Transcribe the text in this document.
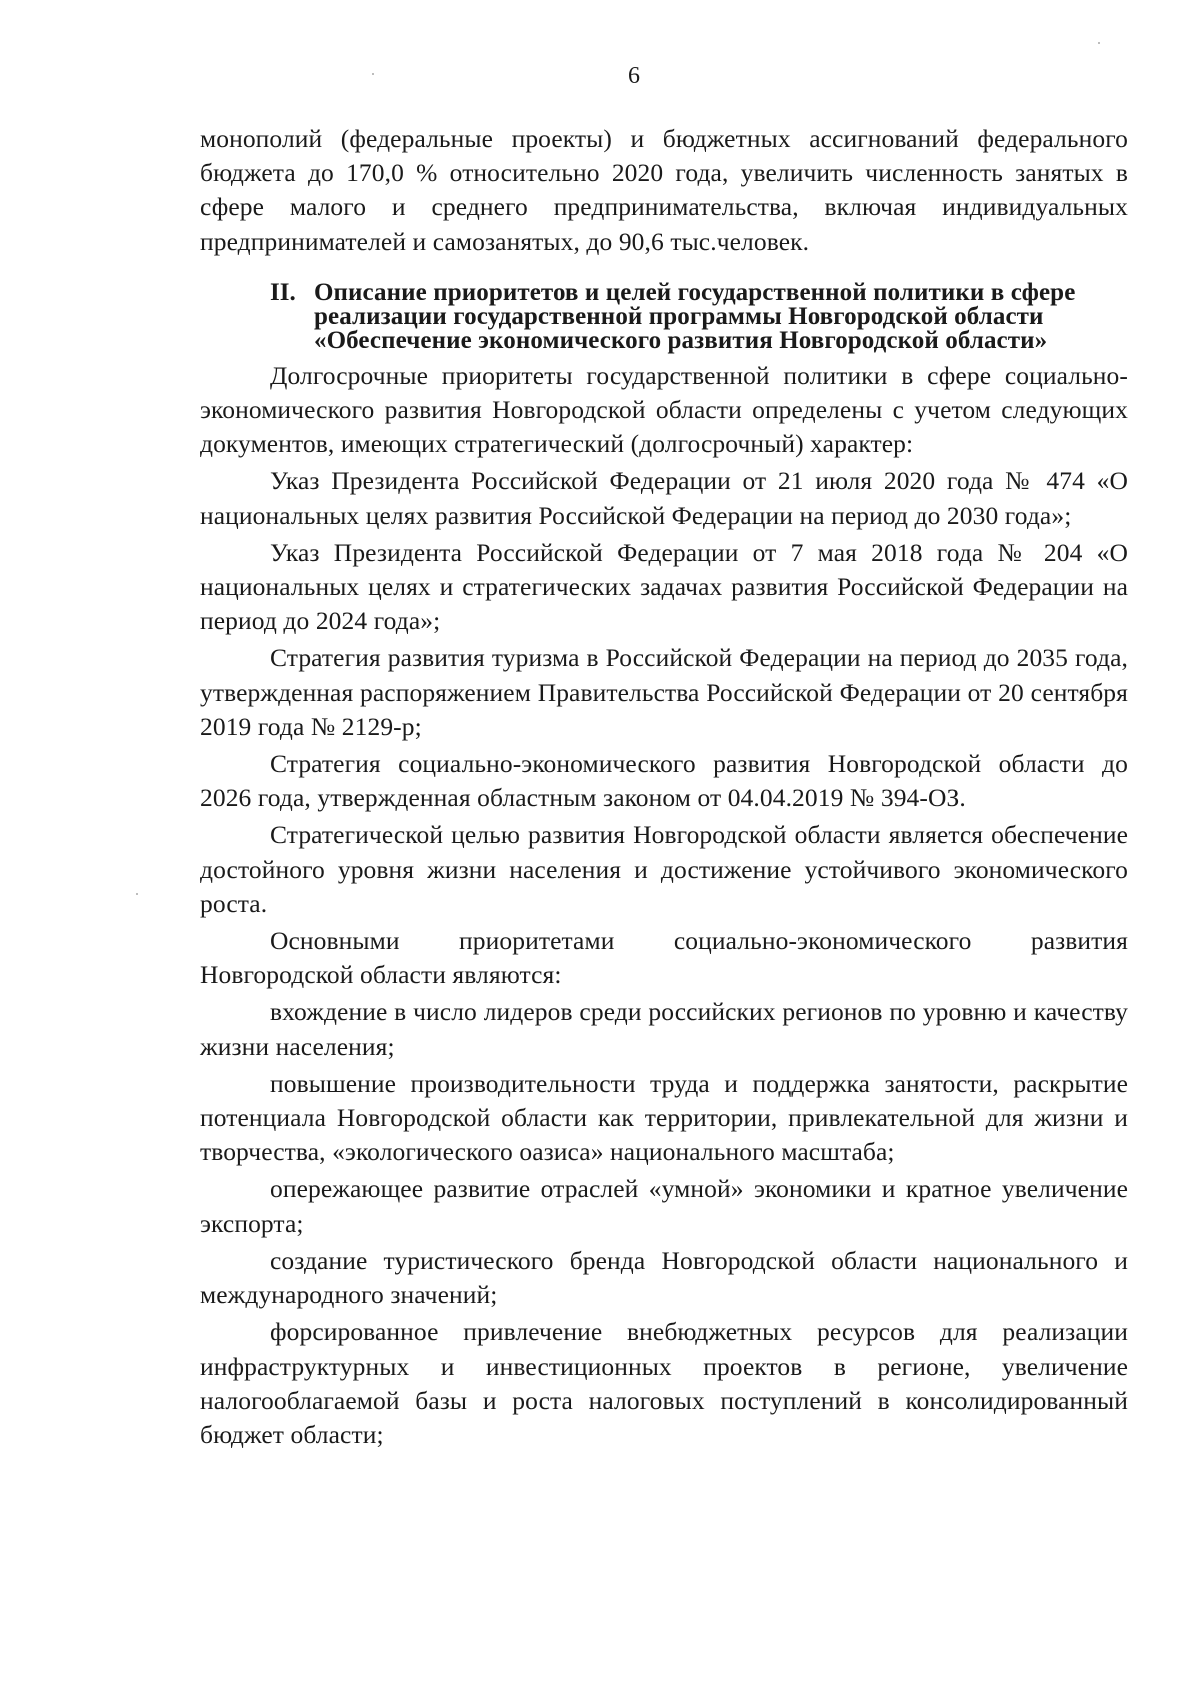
6

монополий (федеральные проекты) и бюджетных ассигнований федерального бюджета до 170,0 % относительно 2020 года, увеличить численность занятых в сфере малого и среднего предпринимательства, включая индивидуальных предпринимателей и самозанятых, до 90,6 тыс.человек.

II. Описание приоритетов и целей государственной политики в сфере
реализации государственной программы Новгородской области
«Обеспечение экономического развития Новгородской области»

Долгосрочные приоритеты государственной политики в сфере социально-экономического развития Новгородской области определены с учетом следующих документов, имеющих стратегический (долгосрочный) характер:

Указ Президента Российской Федерации от 21 июля 2020 года № 474 «О национальных целях развития Российской Федерации на период до 2030 года»;

Указ Президента Российской Федерации от 7 мая 2018 года № 204 «О национальных целях и стратегических задачах развития Российской Федерации на период до 2024 года»;

Стратегия развития туризма в Российской Федерации на период до 2035 года, утвержденная распоряжением Правительства Российской Федерации от 20 сентября 2019 года № 2129-р;

Стратегия социально-экономического развития Новгородской области до 2026 года, утвержденная областным законом от 04.04.2019 № 394-ОЗ.

Стратегической целью развития Новгородской области является обеспечение достойного уровня жизни населения и достижение устойчивого экономического роста.

Основными приоритетами социально-экономического развития Новгородской области являются:

вхождение в число лидеров среди российских регионов по уровню и качеству жизни населения;

повышение производительности труда и поддержка занятости, раскрытие потенциала Новгородской области как территории, привлекательной для жизни и творчества, «экологического оазиса» национального масштаба;

опережающее развитие отраслей «умной» экономики и кратное увеличение экспорта;

создание туристического бренда Новгородской области национального и международного значений;

форсированное привлечение внебюджетных ресурсов для реализации инфраструктурных и инвестиционных проектов в регионе, увеличение налогооблагаемой базы и роста налоговых поступлений в консолидированный бюджет области;
